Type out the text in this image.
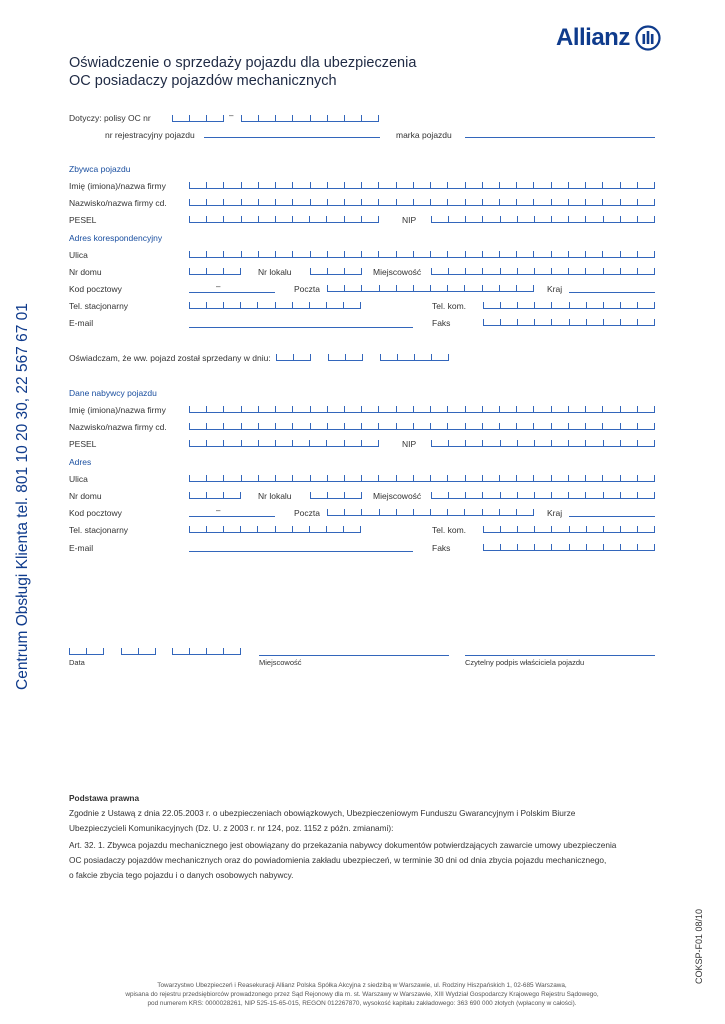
Allianz
Oświadczenie o sprzedaży pojazdu dla ubezpieczenia
OC posiadaczy pojazdów mechanicznych
Dotyczy: polisy OC nr	–
nr rejestracyjny pojazdu	marka pojazdu
Zbywca pojazdu
Imię (imiona)/nazwa firmy
Nazwisko/nazwa firmy cd.
PESEL	NIP
Adres korespondencyjny
Ulica
Nr domu	Nr lokalu	Miejscowość
Kod pocztowy	–	Poczta	Kraj
Tel. stacjonarny	Tel. kom.
E-mail	Faks
Oświadczam, że ww. pojazd został sprzedany w dniu:
Dane nabywcy pojazdu
Imię (imiona)/nazwa firmy
Nazwisko/nazwa firmy cd.
PESEL	NIP
Adres
Ulica
Nr domu	Nr lokalu	Miejscowość
Kod pocztowy	–	Poczta	Kraj
Tel. stacjonarny	Tel. kom.
E-mail	Faks
Data	Miejscowość	Czytelny podpis właściciela pojazdu
Centrum Obsługi Klienta tel. 801 10 20 30, 22 567 67 01
Podstawa prawna
Zgodnie z Ustawą z dnia 22.05.2003 r. o ubezpieczeniach obowiązkowych, Ubezpieczeniowym Funduszu Gwarancyjnym i Polskim Biurze
Ubezpieczycieli Komunikacyjnych (Dz. U. z 2003 r. nr 124, poz. 1152 z późn. zmianami):
Art. 32. 1. Zbywca pojazdu mechanicznego jest obowiązany do przekazania nabywcy dokumentów potwierdzających zawarcie umowy ubezpieczenia
OC posiadaczy pojazdów mechanicznych oraz do powiadomienia zakładu ubezpieczeń, w terminie 30 dni od dnia zbycia pojazdu mechanicznego,
o fakcie zbycia tego pojazdu i o danych osobowych nabywcy.
COKSP-F01 08/10
Towarzystwo Ubezpieczeń i Reasekuracji Allianz Polska Spółka Akcyjna z siedzibą w Warszawie, ul. Rodziny Hiszpańskich 1, 02-685 Warszawa,
wpisana do rejestru przedsiębiorców prowadzonego przez Sąd Rejonowy dla m. st. Warszawy w Warszawie, XIII Wydział Gospodarczy Krajowego Rejestru Sądowego,
pod numerem KRS: 0000028261, NIP 525-15-65-015, REGON 012267870, wysokość kapitału zakładowego: 363 690 000 złotych (wpłacony w całości).
